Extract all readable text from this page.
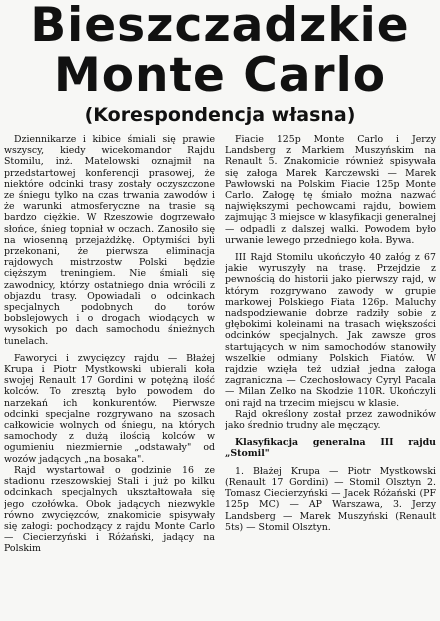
Bieszczadzkie
Monte Carlo
(Korespondencja własna)

Dziennikarze i kibice śmiali się prawie wszyscy, kiedy wicekomandor Rajdu Stomilu, inż. Matelowski oznajmił na przedstartowej konferencji prasowej, że niektóre odcinki trasy zostały oczyszczone ze śniegu tylko na czas trwania zawodów i że warunki atmosferyczne na trasie są bardzo ciężkie. W Rzeszowie dogrzewało słońce, śnieg topniał w oczach. Zanosiło się na wiosenną przejażdżkę. Optymiści byli przekonani, że pierwsza eliminacja rajdowych mistrzostw Polski będzie cięższym treningiem. Nie śmiali się zawodnicy, którzy ostatniego dnia wrócili z objazdu trasy. Opowiadali o odcinkach specjalnych podobnych do torów bobslejowych i o drogach wiodących w wysokich po dach samochodu śnieżnych tunelach.

Faworyci i zwycięzcy rajdu — Błażej Krupa i Piotr Mystkowski ubierali koła swojej Renault 17 Gordini w potężną ilość kolców. To zresztą było powodem do narzekań ich konkurentów. Pierwsze odcinki specjalne rozgrywano na szosach całkowicie wolnych od śniegu, na których samochody z dużą ilością kolców w ogumieniu niezmiernie „odstawały" od wozów jadących „na bosaka".

Rajd wystartował o godzinie 16 ze stadionu rzeszowskiej Stali i już po kilku odcinkach specjalnych ukształtowała się jego czołówka. Obok jadących niezwykle równo zwycięzców, znakomicie spisywały się załogi: pochodzący z rajdu Monte Carlo — Ciecierzyński i Różański, jadący na Polskim

Fiacie 125p Monte Carlo i Jerzy Landsberg z Markiem Muszyńskim na Renault 5. Znakomicie również spisywała się załoga Marek Karczewski — Marek Pawłowski na Polskim Fiacie 125p Monte Carlo. Załogę tę śmiało można nazwać największymi pechowcami rajdu, bowiem zajmując 3 miejsce w klasyfikacji generalnej — odpadli z dalszej walki. Powodem było urwanie lewego przedniego koła. Bywa.

III Rajd Stomilu ukończyło 40 załóg z 67 jakie wyruszyły na trasę. Przejdzie z pewnością do historii jako pierwszy rajd, w którym rozgrywano zawody w grupie markowej Polskiego Fiata 126p. Maluchy nadspodziewanie dobrze radziły sobie z głębokimi koleinami na trasach większości odcinków specjalnych. Jak zawsze gros startujących w nim samochodów stanowiły wszelkie odmiany Polskich Fiatów. W rajdzie wzięła też udział jedna załoga zagraniczna — Czechosłowacy Cyryl Pacala — Milan Zelko na Skodzie 110R. Ukończyli oni rajd na trzecim miejscu w klasie.

Rajd określony został przez zawodników jako średnio trudny ale męczący.

Klasyfikacja generalna III rajdu „Stomil"

1. Błażej Krupa — Piotr Mystkowski (Renault 17 Gordini) — Stomil Olsztyn 2. Tomasz Ciecierzyński — Jacek Różański (PF 125p MC) — AP Warszawa, 3. Jerzy Landsberg — Marek Muszyński (Renault 5ts) — Stomil Olsztyn.
